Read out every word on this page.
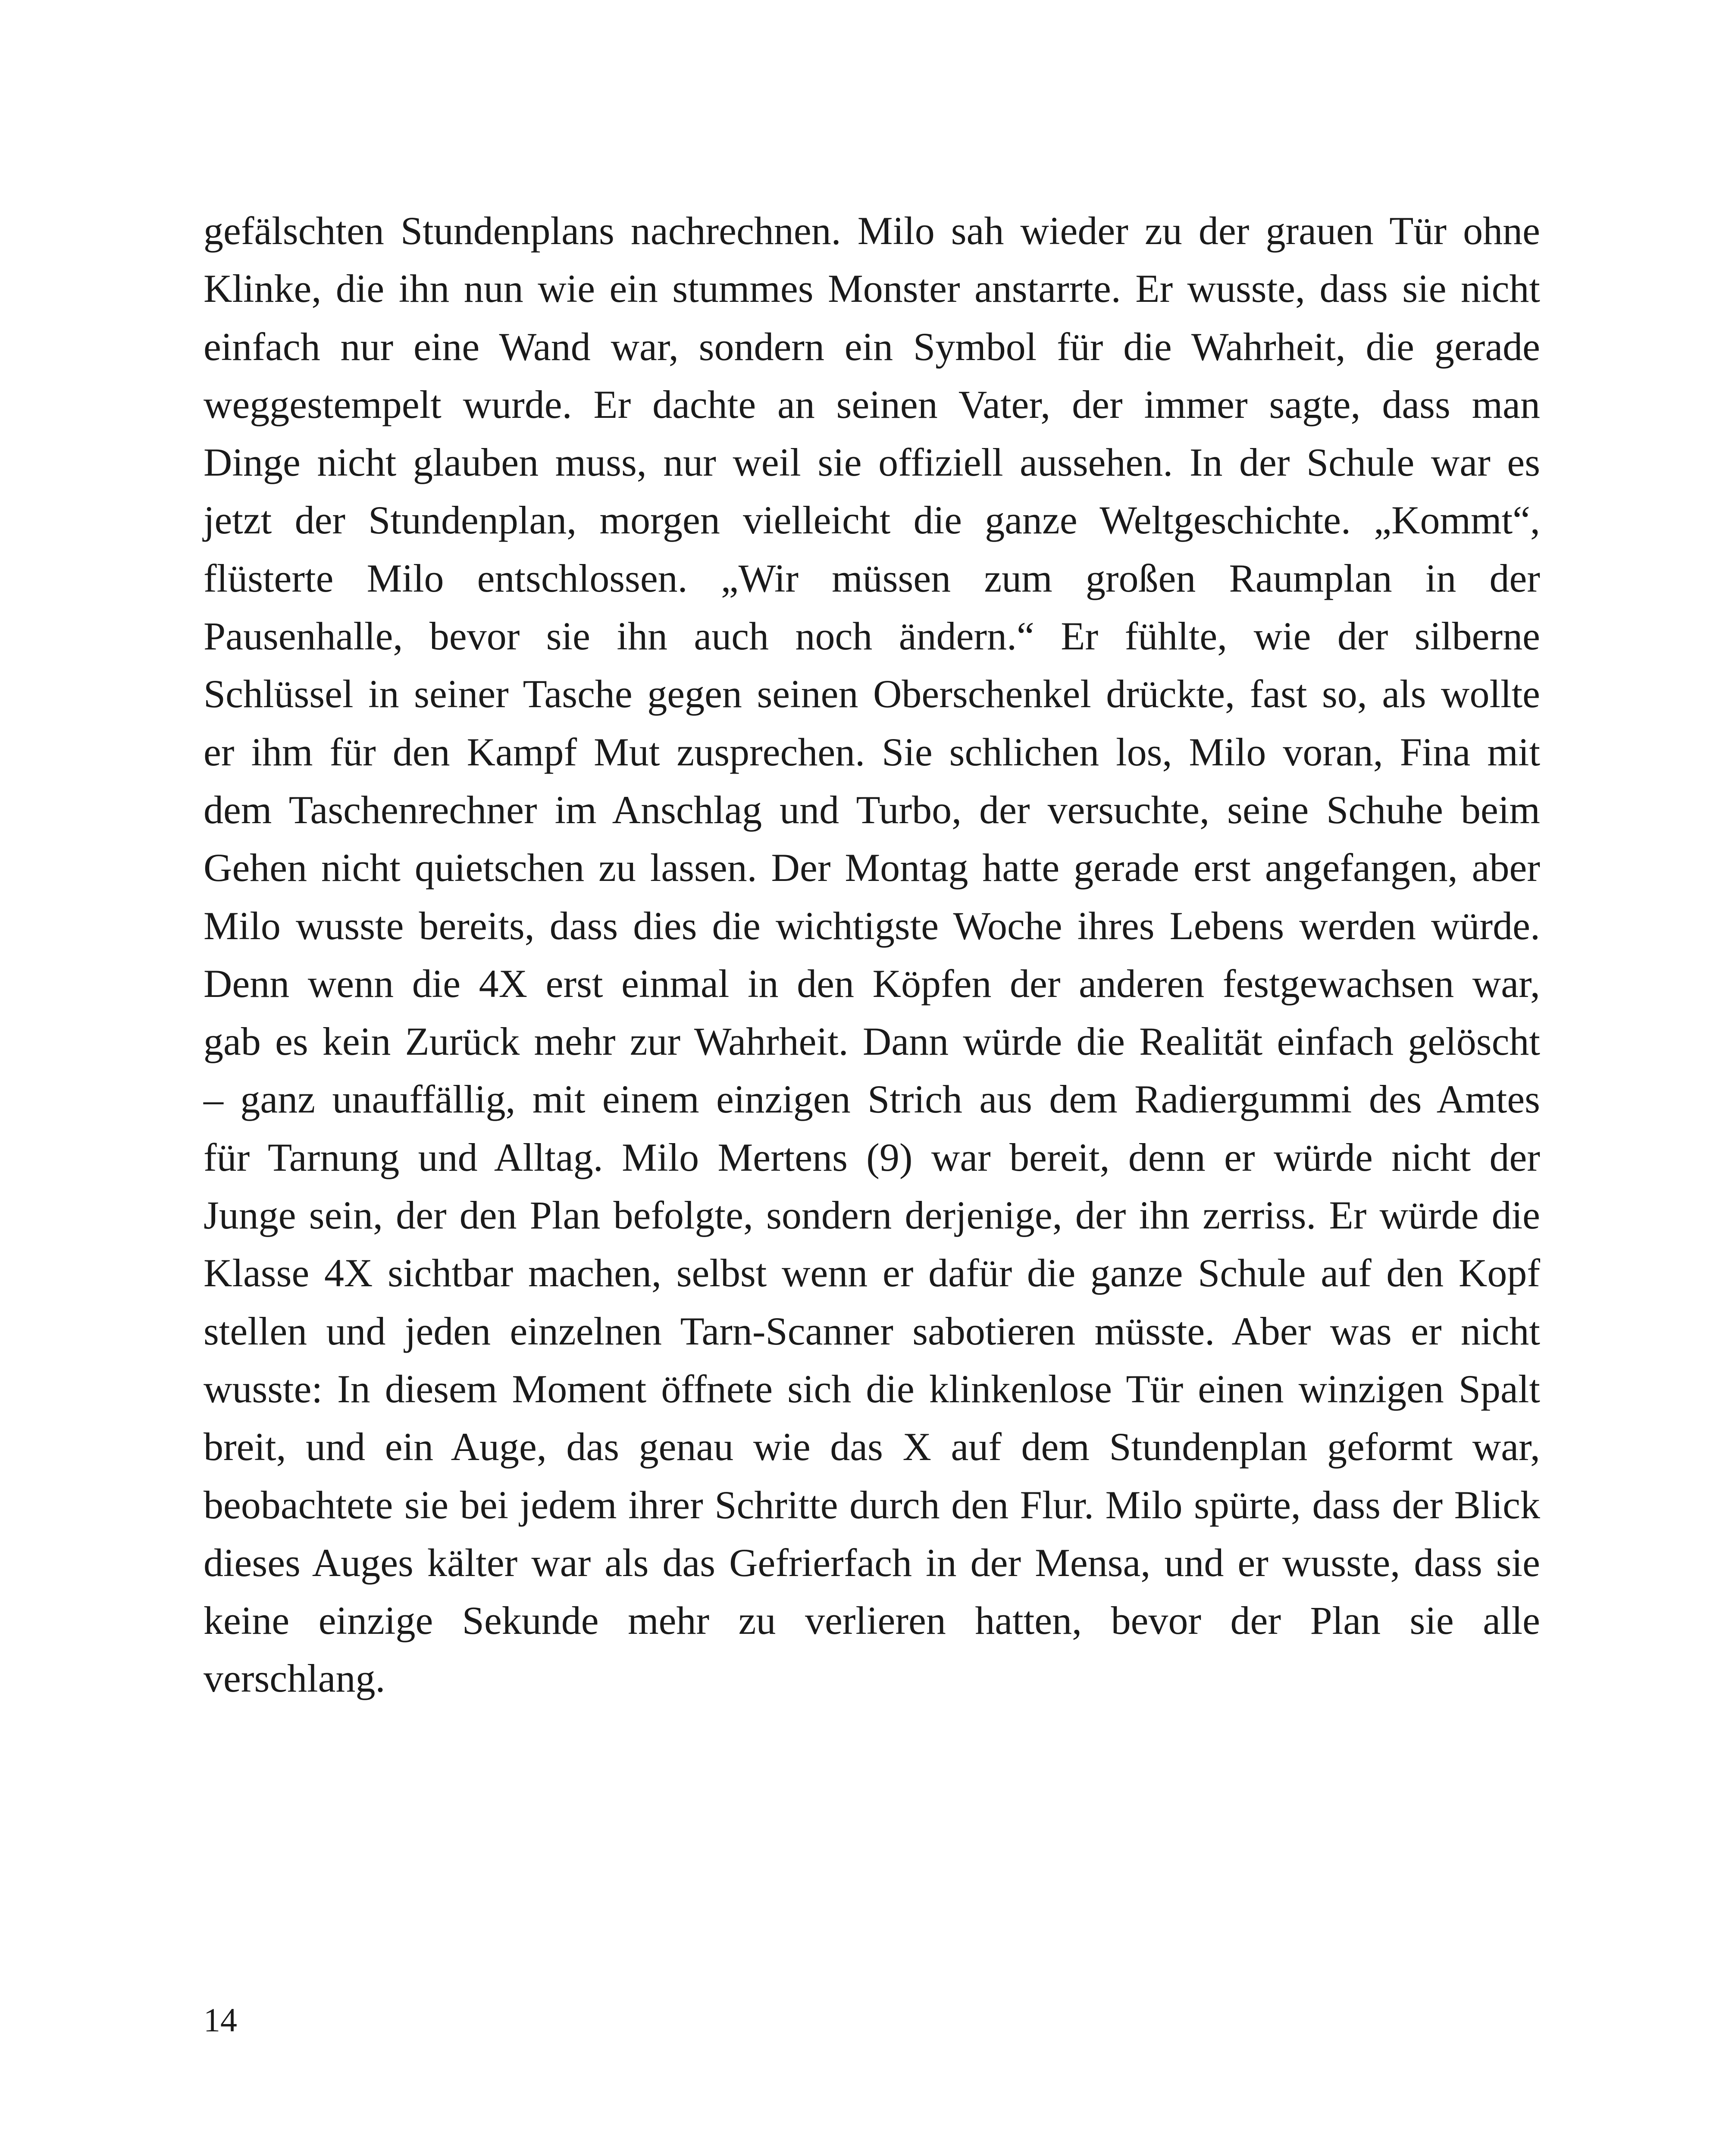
gefälschten Stundenplans nachrechnen. Milo sah wieder zu der grauen Tür ohne
Klinke, die ihn nun wie ein stummes Monster anstarrte. Er wusste, dass sie nicht
einfach nur eine Wand war, sondern ein Symbol für die Wahrheit, die gerade
weggestempelt wurde. Er dachte an seinen Vater, der immer sagte, dass man
Dinge nicht glauben muss, nur weil sie offiziell aussehen. In der Schule war es
jetzt der Stundenplan, morgen vielleicht die ganze Weltgeschichte. „Kommt“,
flüsterte Milo entschlossen. „Wir müssen zum großen Raumplan in der
Pausenhalle, bevor sie ihn auch noch ändern.“ Er fühlte, wie der silberne
Schlüssel in seiner Tasche gegen seinen Oberschenkel drückte, fast so, als wollte
er ihm für den Kampf Mut zusprechen. Sie schlichen los, Milo voran, Fina mit
dem Taschenrechner im Anschlag und Turbo, der versuchte, seine Schuhe beim
Gehen nicht quietschen zu lassen. Der Montag hatte gerade erst angefangen, aber
Milo wusste bereits, dass dies die wichtigste Woche ihres Lebens werden würde.
Denn wenn die 4X erst einmal in den Köpfen der anderen festgewachsen war,
gab es kein Zurück mehr zur Wahrheit. Dann würde die Realität einfach gelöscht
– ganz unauffällig, mit einem einzigen Strich aus dem Radiergummi des Amtes
für Tarnung und Alltag. Milo Mertens (9) war bereit, denn er würde nicht der
Junge sein, der den Plan befolgte, sondern derjenige, der ihn zerriss. Er würde die
Klasse 4X sichtbar machen, selbst wenn er dafür die ganze Schule auf den Kopf
stellen und jeden einzelnen Tarn-Scanner sabotieren müsste. Aber was er nicht
wusste: In diesem Moment öffnete sich die klinkenlose Tür einen winzigen Spalt
breit, und ein Auge, das genau wie das X auf dem Stundenplan geformt war,
beobachtete sie bei jedem ihrer Schritte durch den Flur. Milo spürte, dass der Blick
dieses Auges kälter war als das Gefrierfach in der Mensa, und er wusste, dass sie
keine einzige Sekunde mehr zu verlieren hatten, bevor der Plan sie alle
verschlang.
14
